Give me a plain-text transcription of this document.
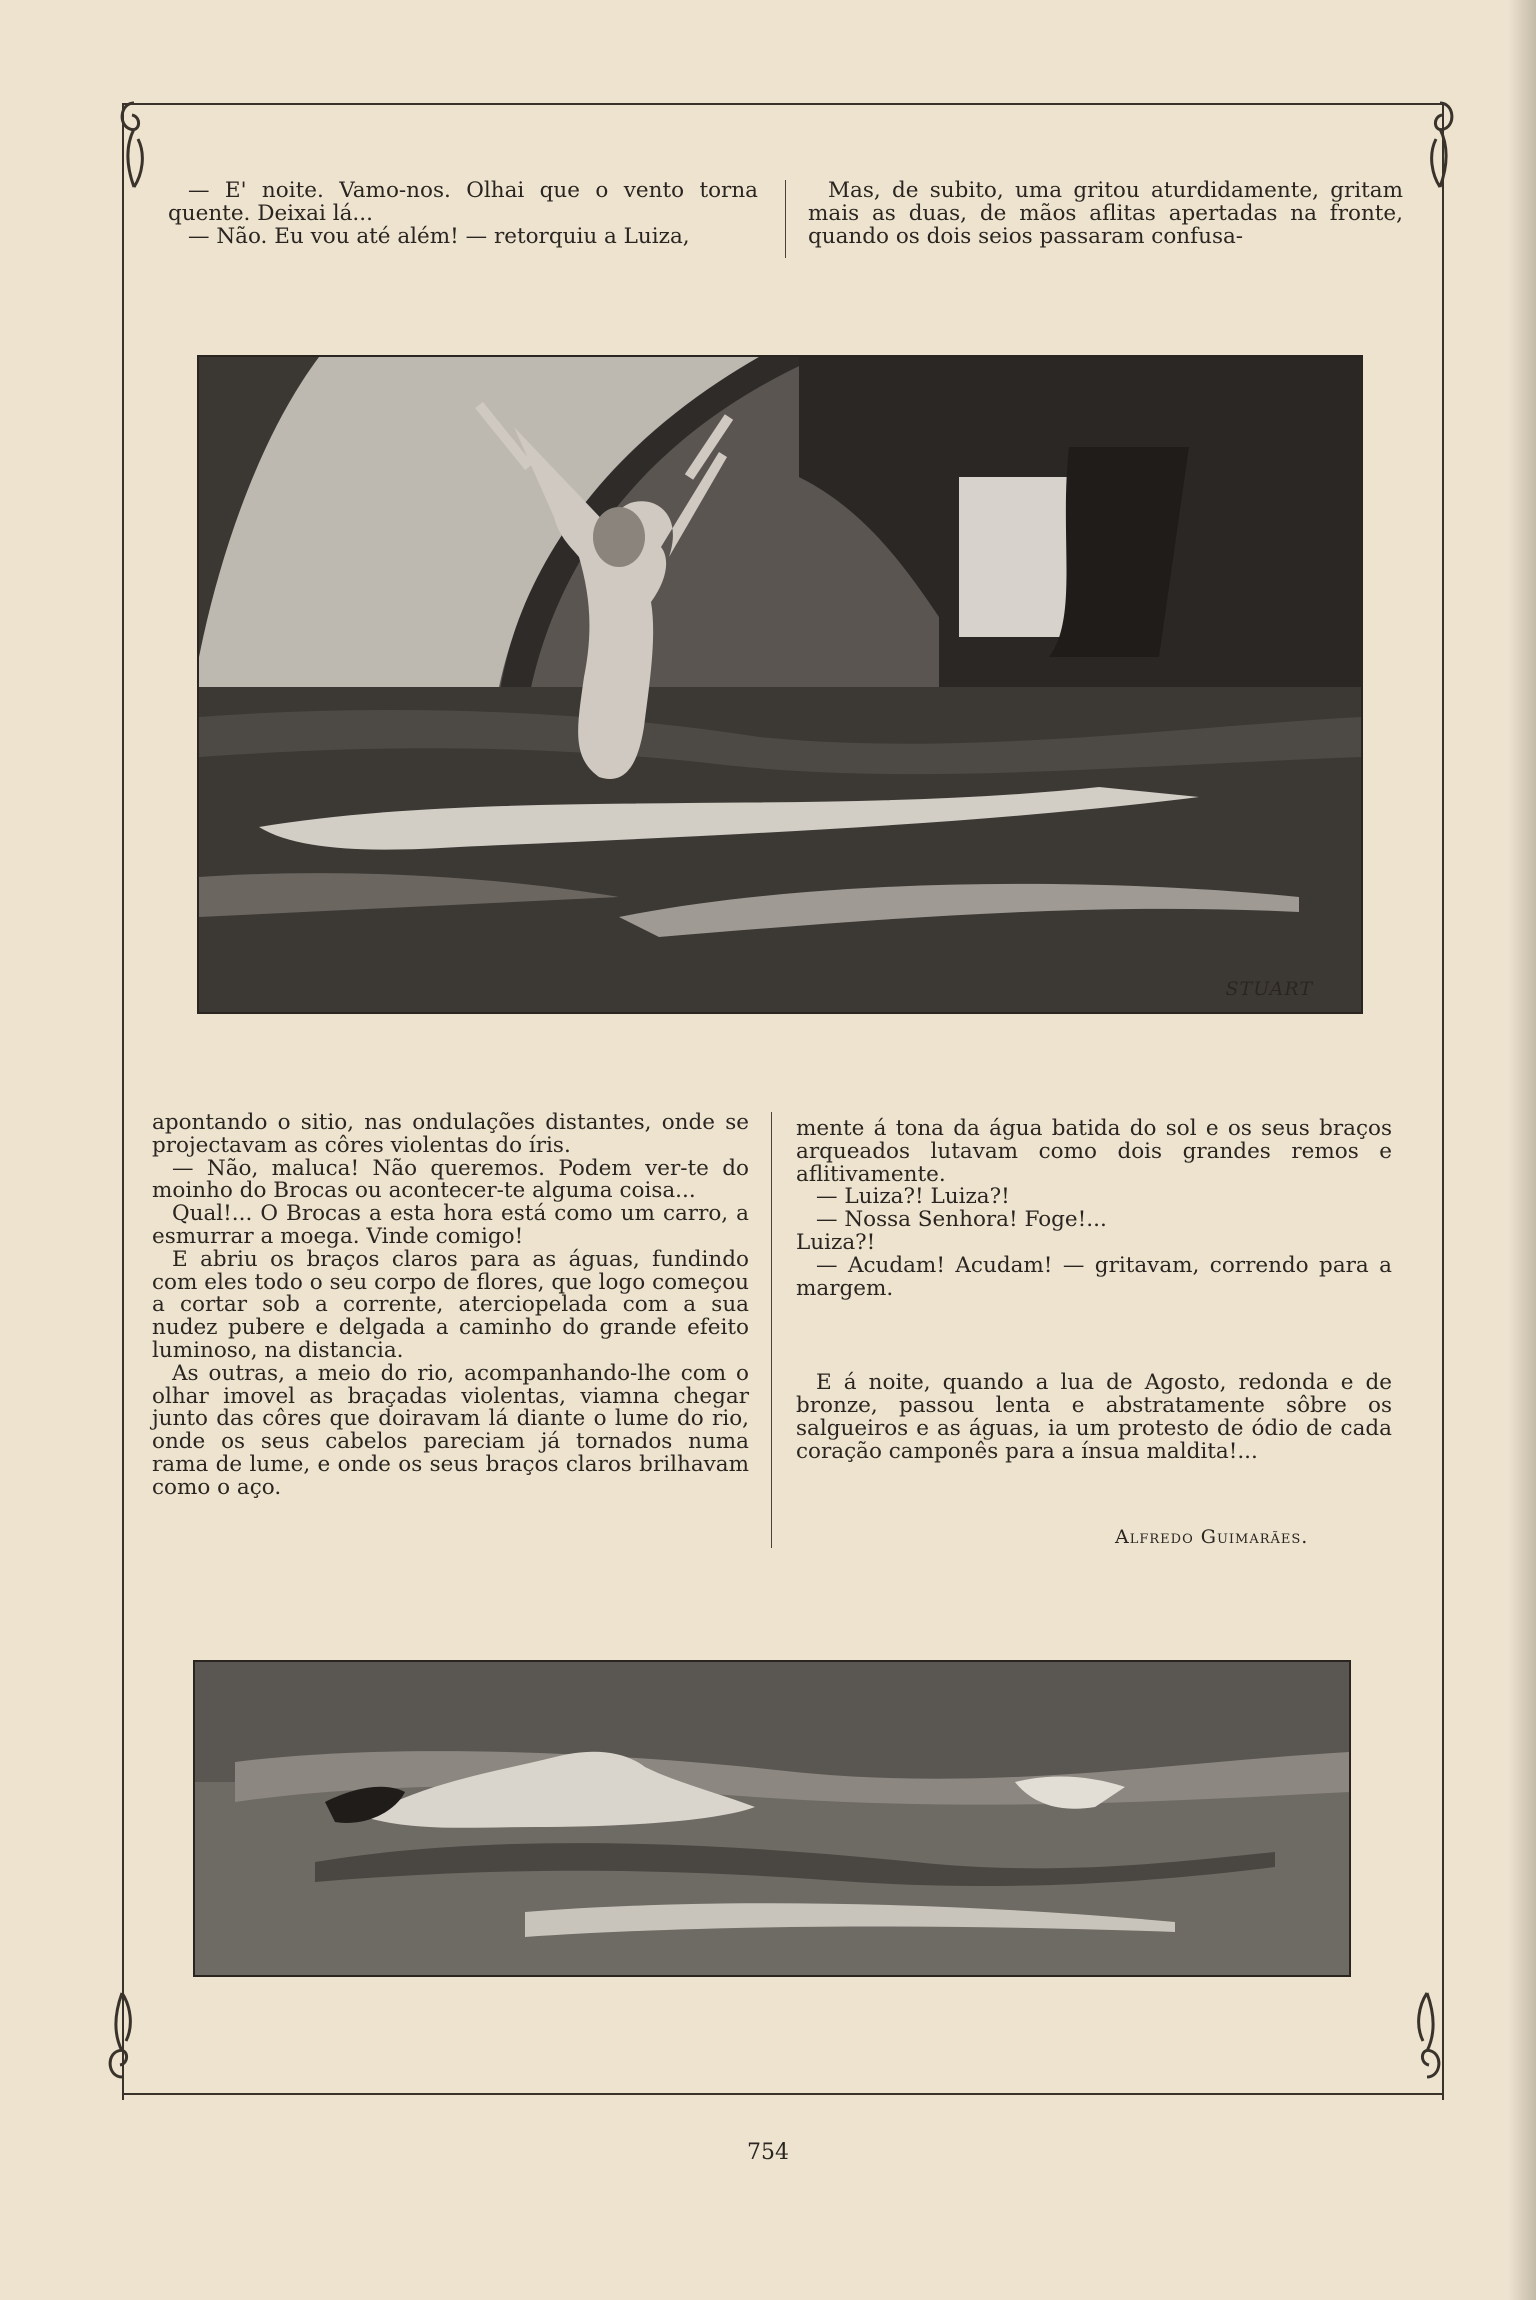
— E' noite. Vamo-nos. Olhai que o vento torna quente. Deixai lá...

— Não. Eu vou até além! — retorquiu a Luiza,

Mas, de subito, uma gritou aturdidamente, gritam mais as duas, de mãos aflitas apertadas na fronte, quando os dois seios passaram confusa-

STUART

apontando o sitio, nas ondulações distantes, onde se projectavam as côres violentas do íris.

— Não, maluca! Não queremos. Podem ver-te do moinho do Brocas ou acontecer-te alguma coisa...

Qual!... O Brocas a esta hora está como um carro, a esmurrar a moega. Vinde comigo!

E abriu os braços claros para as águas, fundindo com eles todo o seu corpo de flores, que logo começou a cortar sob a corrente, aterciopelada com a sua nudez pubere e delgada a caminho do grande efeito luminoso, na distancia.

As outras, a meio do rio, acompanhando-lhe com o olhar imovel as braçadas violentas, viamna chegar junto das côres que doiravam lá diante o lume do rio, onde os seus cabelos pareciam já tornados numa rama de lume, e onde os seus braços claros brilhavam como o aço.

mente á tona da água batida do sol e os seus braços arqueados lutavam como dois grandes remos e aflitivamente.

— Luiza?! Luiza?!

— Nossa Senhora! Foge!...

Luiza?!

— Acudam! Acudam! — gritavam, correndo para a margem.

E á noite, quando a lua de Agosto, redonda e de bronze, passou lenta e abstratamente sôbre os salgueiros e as águas, ia um protesto de ódio de cada coração camponês para a ínsua maldita!...

Alfredo Guimarães.
754
